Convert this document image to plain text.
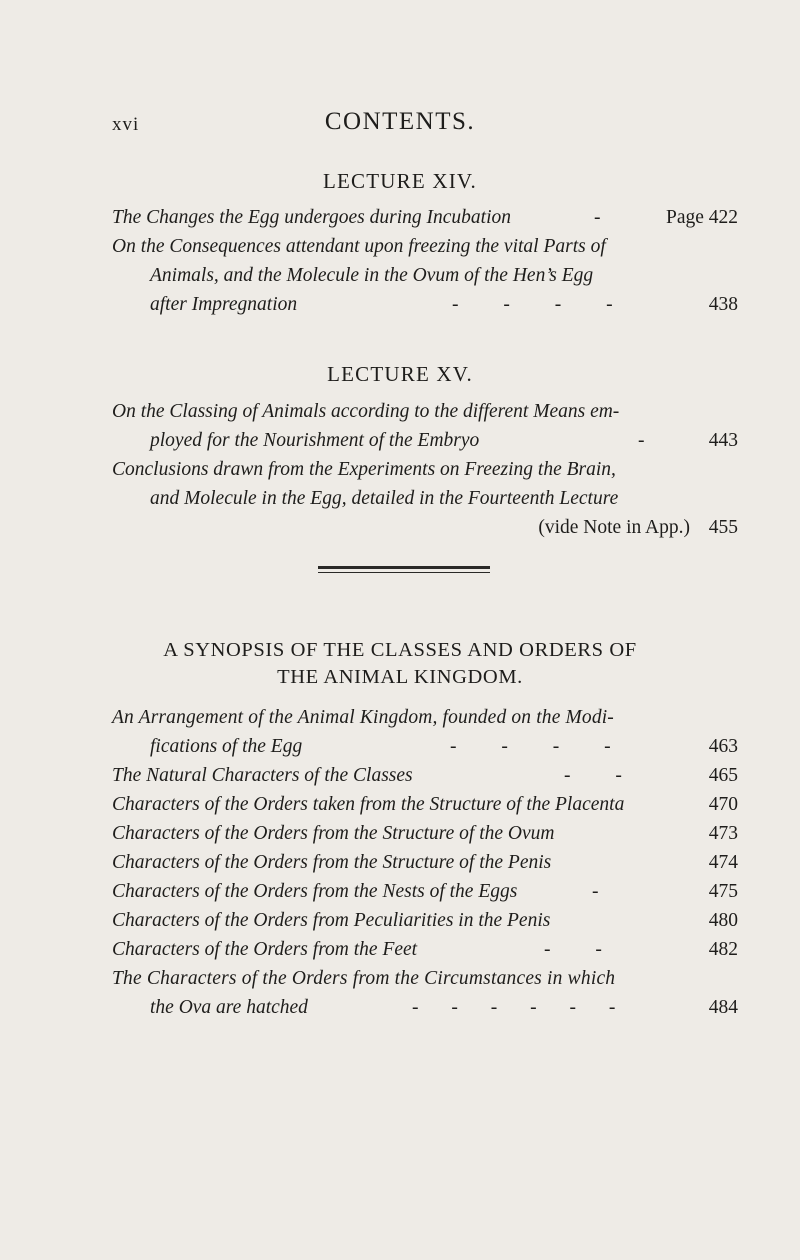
xvi	CONTENTS.
LECTURE XIV.
The Changes the Egg undergoes during Incubation	- Page 422
On the Consequences attendant upon freezing the vital Parts of
Animals, and the Molecule in the Ovum of the Hen’s Egg
after Impregnation	- - - -	438
LECTURE XV.
On the Classing of Animals according to the different Means em-
ployed for the Nourishment of the Embryo	- 443
Conclusions drawn from the Experiments on Freezing the Brain,
and Molecule in the Egg, detailed in the Fourteenth Lecture
(vide Note in App.) 455
A SYNOPSIS OF THE CLASSES AND ORDERS OF
THE ANIMAL KINGDOM.
An Arrangement of the Animal Kingdom, founded on the Modi-
fications of the Egg	- - - -	463
The Natural Characters of the Classes	- -	465
Characters of the Orders taken from the Structure of the Placenta	470
Characters of the Orders from the Structure of the Ovum	473
Characters of the Orders from the Structure of the Penis	474
Characters of the Orders from the Nests of the Eggs	-	475
Characters of the Orders from Peculiarities in the Penis	480
Characters of the Orders from the Feet	- -	482
The Characters of the Orders from the Circumstances in which
the Ova are hatched	- - - - - -	484
